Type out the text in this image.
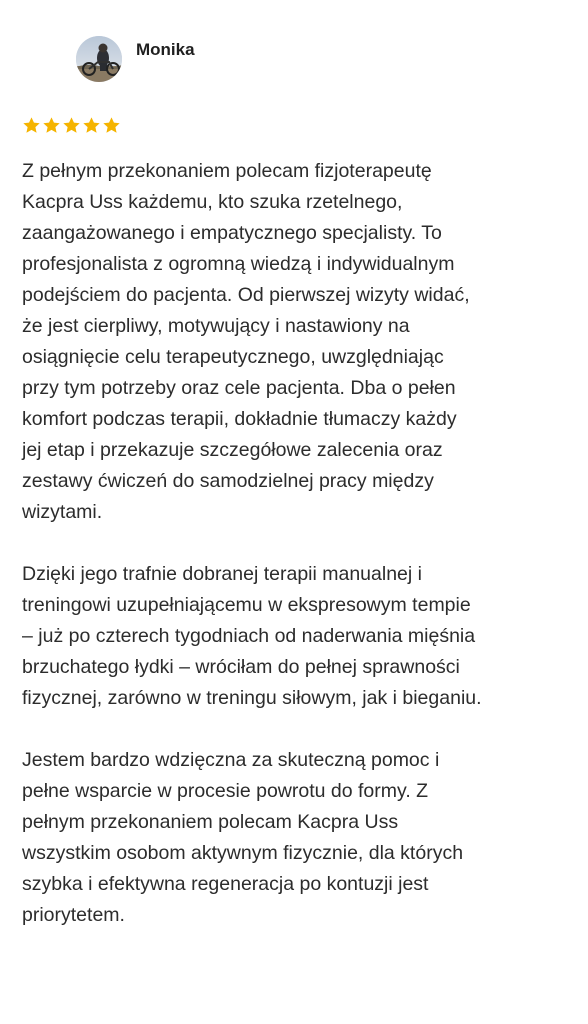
Monika

Z pełnym przekonaniem polecam fizjoterapeutę
Kacpra Uss każdemu, kto szuka rzetelnego,
zaangażowanego i empatycznego specjalisty. To
profesjonalista z ogromną wiedzą i indywidualnym
podejściem do pacjenta. Od pierwszej wizyty widać,
że jest cierpliwy, motywujący i nastawiony na
osiągnięcie celu terapeutycznego, uwzględniając
przy tym potrzeby oraz cele pacjenta. Dba o pełen
komfort podczas terapii, dokładnie tłumaczy każdy
jej etap i przekazuje szczegółowe zalecenia oraz
zestawy ćwiczeń do samodzielnej pracy między
wizytami.

Dzięki jego trafnie dobranej terapii manualnej i
treningowi uzupełniającemu w ekspresowym tempie
– już po czterech tygodniach od naderwania mięśnia
brzuchatego łydki – wróciłam do pełnej sprawności
fizycznej, zarówno w treningu siłowym, jak i bieganiu.

Jestem bardzo wdzięczna za skuteczną pomoc i
pełne wsparcie w procesie powrotu do formy. Z
pełnym przekonaniem polecam Kacpra Uss
wszystkim osobom aktywnym fizycznie, dla których
szybka i efektywna regeneracja po kontuzji jest
priorytetem.
